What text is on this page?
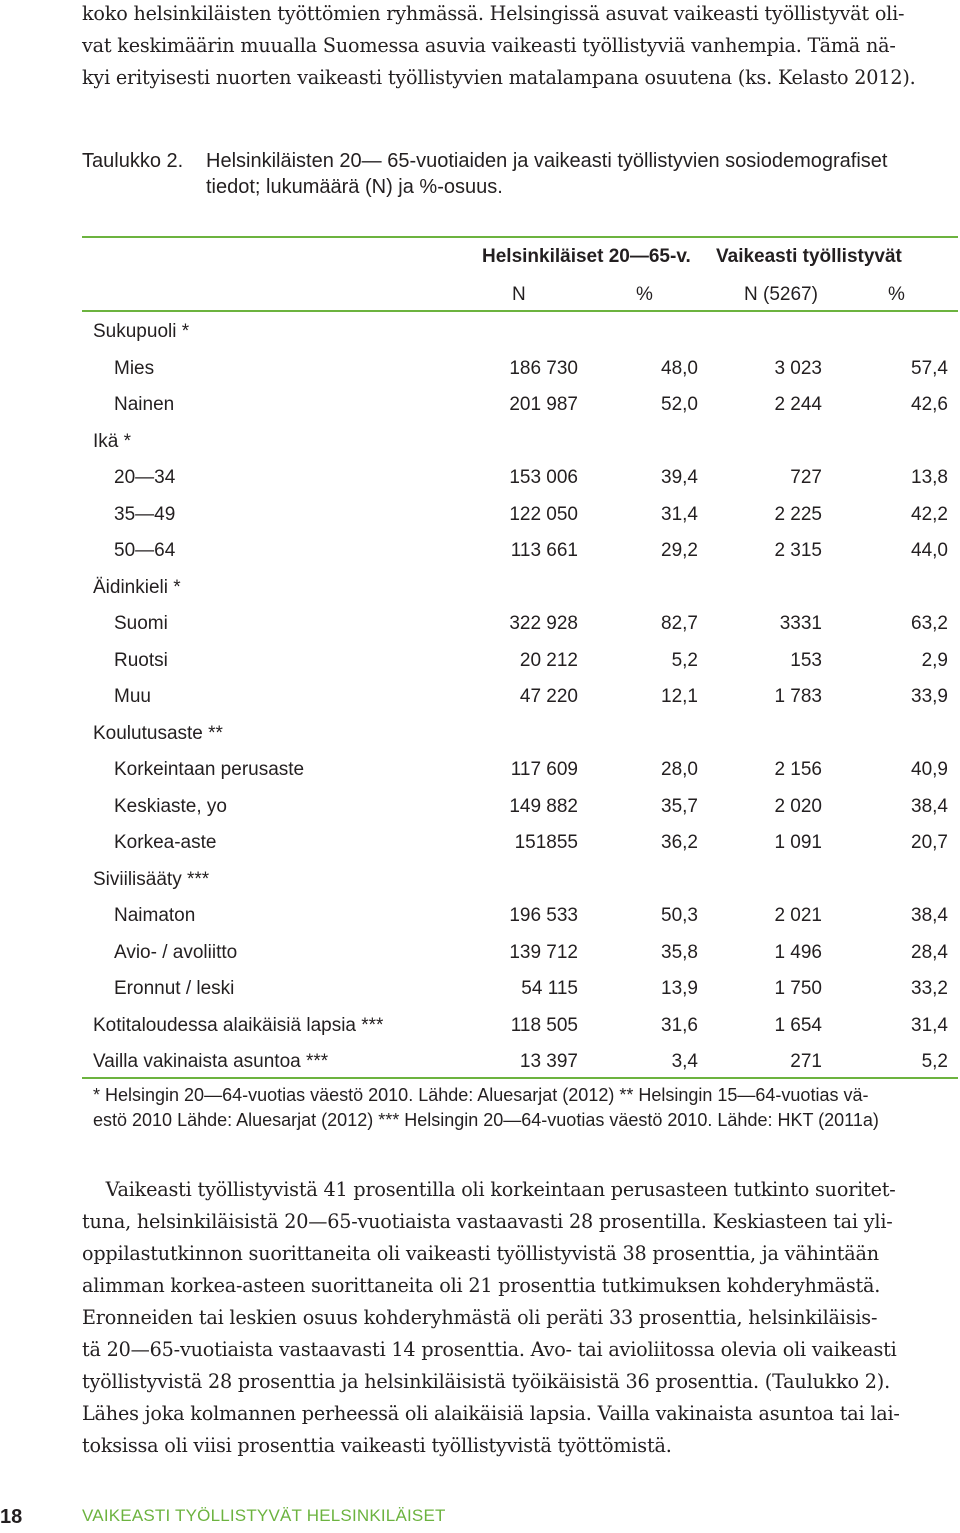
koko helsinkiläisten työttömien ryhmässä. Helsingissä asuvat vaikeasti työllistyvät oli-
vat keskimäärin muualla Suomessa asuvia vaikeasti työllistyviä vanhempia. Tämä nä-
kyi erityisesti nuorten vaikeasti työllistyvien matalampana osuutena (ks. Kelasto 2012).
Taulukko 2. Helsinkiläisten 20— 65-vuotiaiden ja vaikeasti työllistyvien sosiodemografiset
tiedot; lukumäärä (N) ja %-osuus.
Helsinkiläiset 20—65-v. Vaikeasti työllistyvät
N	%	N (5267)	%
Sukupuoli *
Mies	186 730	48,0	3 023	57,4
Nainen	201 987	52,0	2 244	42,6
Ikä *
20—34	153 006	39,4	727	13,8
35—49	122 050	31,4	2 225	42,2
50—64	113 661	29,2	2 315	44,0
Äidinkieli *
Suomi	322 928	82,7	3331	63,2
Ruotsi	20 212	5,2	153	2,9
Muu	47 220	12,1	1 783	33,9
Koulutusaste **
Korkeintaan perusaste	117 609	28,0	2 156	40,9
Keskiaste, yo	149 882	35,7	2 020	38,4
Korkea-aste	151855	36,2	1 091	20,7
Siviilisääty ***
Naimaton	196 533	50,3	2 021	38,4
Avio- / avoliitto	139 712	35,8	1 496	28,4
Eronnut / leski	54 115	13,9	1 750	33,2
Kotitaloudessa alaikäisiä lapsia ***	118 505	31,6	1 654	31,4
Vailla vakinaista asuntoa ***	13 397	3,4	271	5,2
* Helsingin 20—64-vuotias väestö 2010. Lähde: Aluesarjat (2012) ** Helsingin 15—64-vuotias vä-
estö 2010 Lähde: Aluesarjat (2012) *** Helsingin 20—64-vuotias väestö 2010. Lähde: HKT (2011a)
Vaikeasti työllistyvistä 41 prosentilla oli korkeintaan perusasteen tutkinto suoritet-
tuna, helsinkiläisistä 20—65-vuotiaista vastaavasti 28 prosentilla. Keskiasteen tai yli-
oppilastutkinnon suorittaneita oli vaikeasti työllistyvistä 38 prosenttia, ja vähintään
alimman korkea-asteen suorittaneita oli 21 prosenttia tutkimuksen kohderyhmästä.
Eronneiden tai leskien osuus kohderyhmästä oli peräti 33 prosenttia, helsinkiläisis-
tä 20—65-vuotiaista vastaavasti 14 prosenttia. Avo- tai avioliitossa olevia oli vaikeasti
työllistyvistä 28 prosenttia ja helsinkiläisistä työikäisistä 36 prosenttia. (Taulukko 2).
Lähes joka kolmannen perheessä oli alaikäisiä lapsia. Vailla vakinaista asuntoa tai lai-
toksissa oli viisi prosenttia vaikeasti työllistyvistä työttömistä.
18	VAIKEASTI TYÖLLISTYVÄT HELSINKILÄISET
